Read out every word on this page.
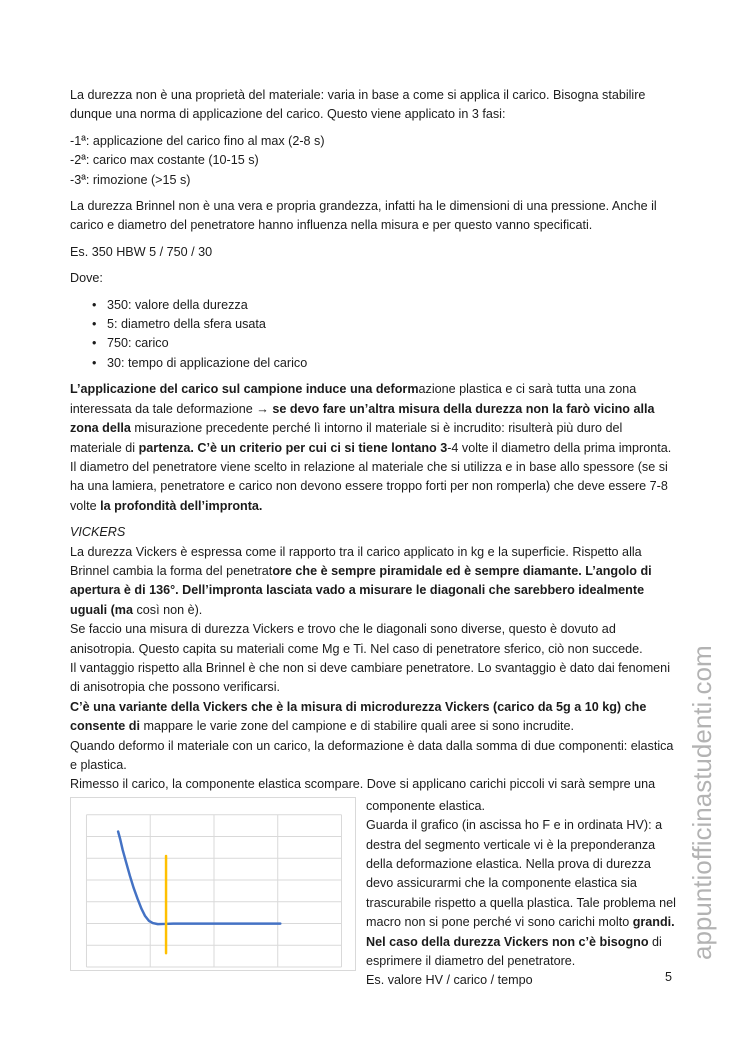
appuntiofficinastudenti.com

La durezza non è una proprietà del materiale: varia in base a come si applica il carico. Bisogna stabilire dunque una norma di applicazione del carico. Questo viene applicato in 3 fasi:

-1ª: applicazione del carico fino al max (2-8 s)
-2ª: carico max costante (10-15 s)
-3ª: rimozione (>15 s)

La durezza Brinnel non è una vera e propria grandezza, infatti ha le dimensioni di una pressione. Anche il carico e diametro del penetratore hanno influenza nella misura e per questo vanno specificati.

Es. 350 HBW 5 / 750 / 30

Dove:

• 350: valore della durezza
• 5: diametro della sfera usata
• 750: carico
• 30: tempo di applicazione del carico

L’applicazione del carico sul campione induce una deformazione plastica e ci sarà tutta una zona interessata da tale deformazione → se devo fare un’altra misura della durezza non la farò vicino alla zona della misurazione precedente perché lì intorno il materiale si è incrudito: risulterà più duro del materiale di partenza. C’è un criterio per cui ci si tiene lontano 3-4 volte il diametro della prima impronta. Il diametro del penetratore viene scelto in relazione al materiale che si utilizza e in base allo spessore (se si ha una lamiera, penetratore e carico non devono essere troppo forti per non romperla) che deve essere 7-8 volte la profondità dell’impronta.

VICKERS

La durezza Vickers è espressa come il rapporto tra il carico applicato in kg e la superficie. Rispetto alla Brinnel cambia la forma del penetratore che è sempre piramidale ed è sempre diamante. L’angolo di apertura è di 136°. Dell’impronta lasciata vado a misurare le diagonali che sarebbero idealmente uguali (ma così non è).

Se faccio una misura di durezza Vickers e trovo che le diagonali sono diverse, questo è dovuto ad anisotropia. Questo capita su materiali come Mg e Ti. Nel caso di penetratore sferico, ciò non succede.

Il vantaggio rispetto alla Brinnel è che non si deve cambiare penetratore. Lo svantaggio è dato dai fenomeni di anisotropia che possono verificarsi.

C’è una variante della Vickers che è la misura di microdurezza Vickers (carico da 5g a 10 kg) che consente di mappare le varie zone del campione e di stabilire quali aree si sono incrudite.

Quando deformo il materiale con un carico, la deformazione è data dalla somma di due componenti: elastica e plastica.

Rimesso il carico, la componente elastica scompare. Dove si applicano carichi piccoli vi sarà sempre una

componente elastica.

Guarda il grafico (in ascissa ho F e in ordinata HV): a destra del segmento verticale vi è la preponderanza della deformazione elastica. Nella prova di durezza devo assicurarmi che la componente elastica sia trascurabile rispetto a quella plastica. Tale problema nel macro non si pone perché vi sono carichi molto grandi. Nel caso della durezza Vickers non c’è bisogno di esprimere il diametro del penetratore.

Es. valore HV / carico / tempo	5
